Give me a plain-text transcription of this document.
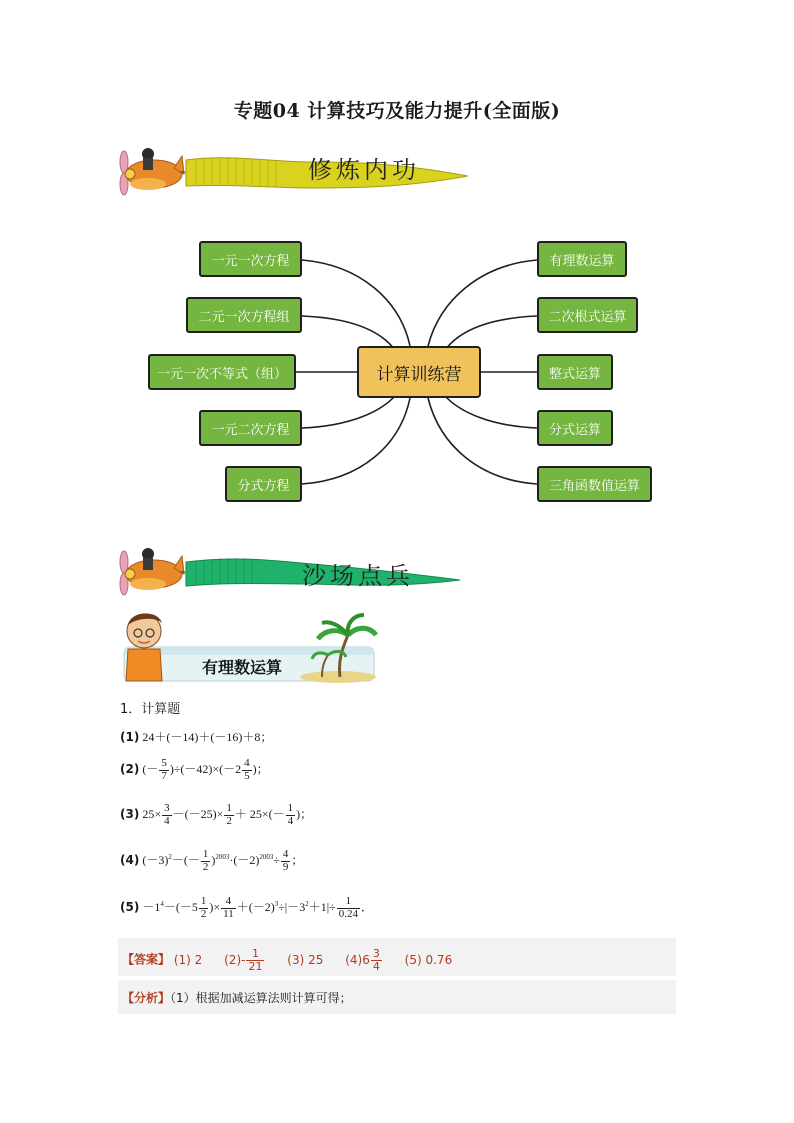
专题04 计算技巧及能力提升(全面版)
修炼内功
一元一次方程
二元一次方程组
一元一次不等式（组）
一元二次方程
分式方程
计算训练营
有理数运算
二次根式运算
整式运算
分式运算
三角函数值运算
沙场点兵
有理数运算
1．计算题
(1) 24＋(－14)＋(－16)＋8；
(2) (－ $\frac{5}{7} )\div(-42)\times(-2 \frac{4}{5}$ )；
(3) $25\times \frac{3}{4} -(-25)\times \frac{1}{2} + 25\times(- \frac{1}{4}$ )；
(4) $(-3)^2-(- \frac{1}{2} )^{2003}\cdot(-2)^{2003}\div \frac{4}{9}$ ；
$(5) -1^4-(-5 \frac{1}{2}$ )× $\frac{4}{11} +(-2)^3\div|-3^2+1|\div \frac{1}{0.24}$ ．
【答案】 (1) 2 $(2)- \frac{1}{21} (3)$ 25 $(4)6 \frac{3}{4} (5)$ 0.76
【分析】（1）根据加减运算法则计算可得；
